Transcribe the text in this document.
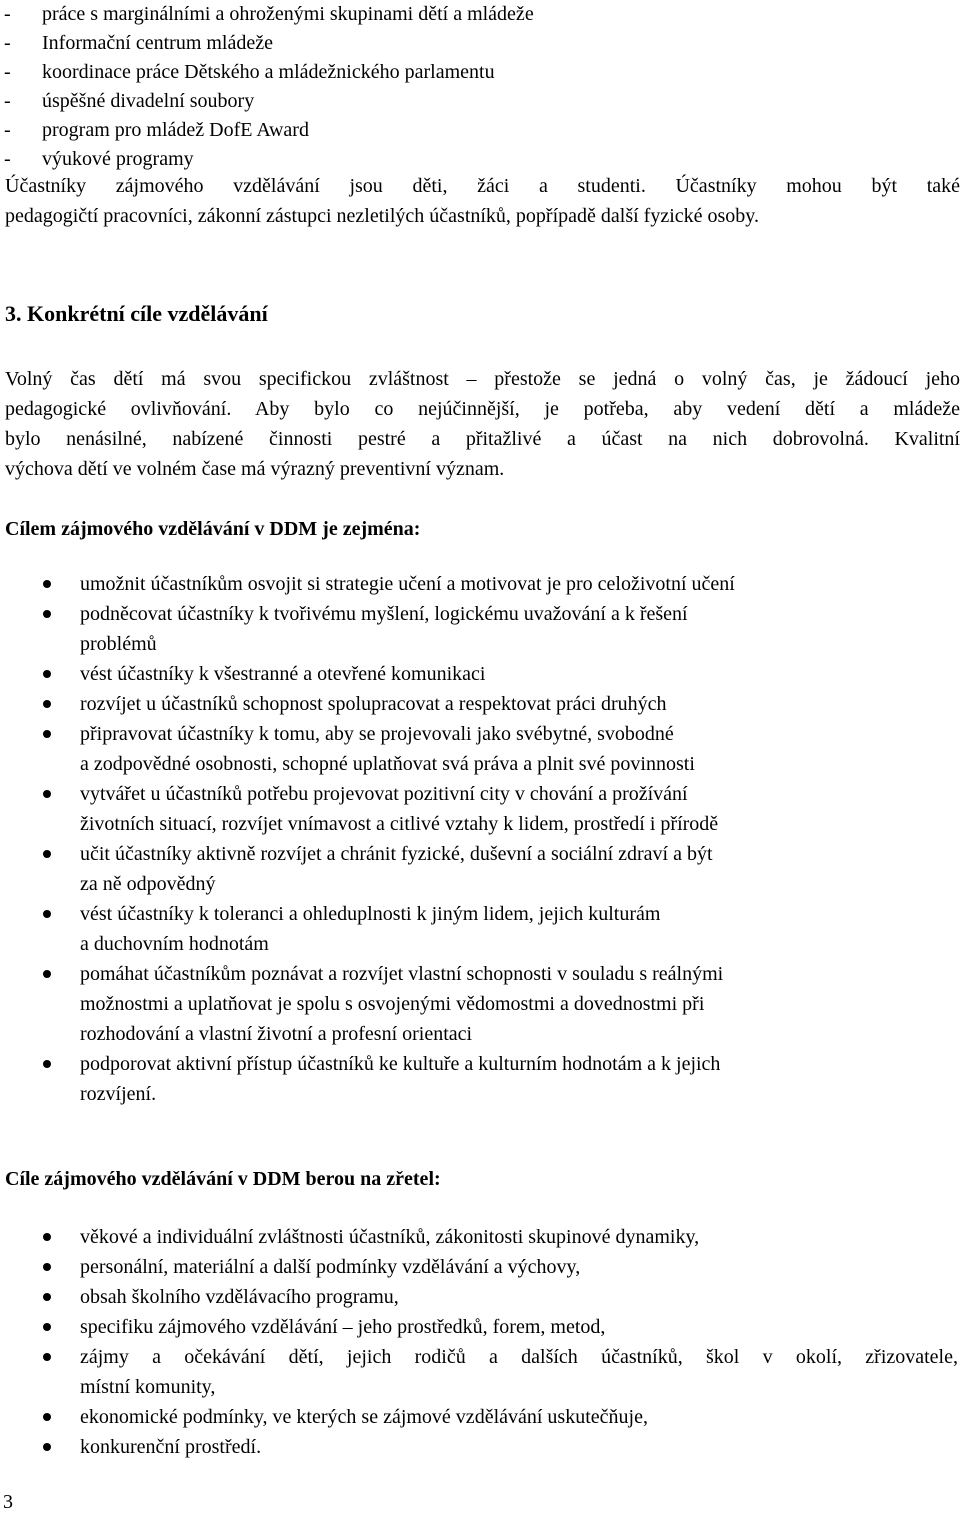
- práce s marginálními a ohroženými skupinami dětí a mládeže
- Informační centrum mládeže
- koordinace práce Dětského a mládežnického parlamentu
- úspěšné divadelní soubory
- program pro mládež DofE Award
- výukové programy
Účastníky zájmového vzdělávání jsou děti, žáci a studenti. Účastníky mohou být také
pedagogičtí pracovníci, zákonní zástupci nezletilých účastníků, popřípadě další fyzické osoby.
3. Konkrétní cíle vzdělávání
Volný čas dětí má svou specifickou zvláštnost – přestože se jedná o volný čas, je žádoucí jeho
pedagogické ovlivňování. Aby bylo co nejúčinnější, je potřeba, aby vedení dětí a mládeže
bylo nenásilné, nabízené činnosti pestré a přitažlivé a účast na nich dobrovolná. Kvalitní
výchova dětí ve volném čase má výrazný preventivní význam.
Cílem zájmového vzdělávání v DDM je zejména:
umožnit účastníkům osvojit si strategie učení a motivovat je pro celoživotní učení
podněcovat účastníky k tvořivému myšlení, logickému uvažování a k řešení
problémů
vést účastníky k všestranné a otevřené komunikaci
rozvíjet u účastníků schopnost spolupracovat a respektovat práci druhých
připravovat účastníky k tomu, aby se projevovali jako svébytné, svobodné
a zodpovědné osobnosti, schopné uplatňovat svá práva a plnit své povinnosti
vytvářet u účastníků potřebu projevovat pozitivní city v chování a prožívání
životních situací, rozvíjet vnímavost a citlivé vztahy k lidem, prostředí i přírodě
učit účastníky aktivně rozvíjet a chránit fyzické, duševní a sociální zdraví a být
za ně odpovědný
vést účastníky k toleranci a ohleduplnosti k jiným lidem, jejich kulturám
a duchovním hodnotám
pomáhat účastníkům poznávat a rozvíjet vlastní schopnosti v souladu s reálnými
možnostmi a uplatňovat je spolu s osvojenými vědomostmi a dovednostmi při
rozhodování a vlastní životní a profesní orientaci
podporovat aktivní přístup účastníků ke kultuře a kulturním hodnotám a k jejich
rozvíjení.
Cíle zájmového vzdělávání v DDM berou na zřetel:
věkové a individuální zvláštnosti účastníků, zákonitosti skupinové dynamiky,
personální, materiální a další podmínky vzdělávání a výchovy,
obsah školního vzdělávacího programu,
specifiku zájmového vzdělávání – jeho prostředků, forem, metod,
zájmy a očekávání dětí, jejich rodičů a dalších účastníků, škol v okolí, zřizovatele,
místní komunity,
ekonomické podmínky, ve kterých se zájmové vzdělávání uskutečňuje,
konkurenční prostředí.
3
